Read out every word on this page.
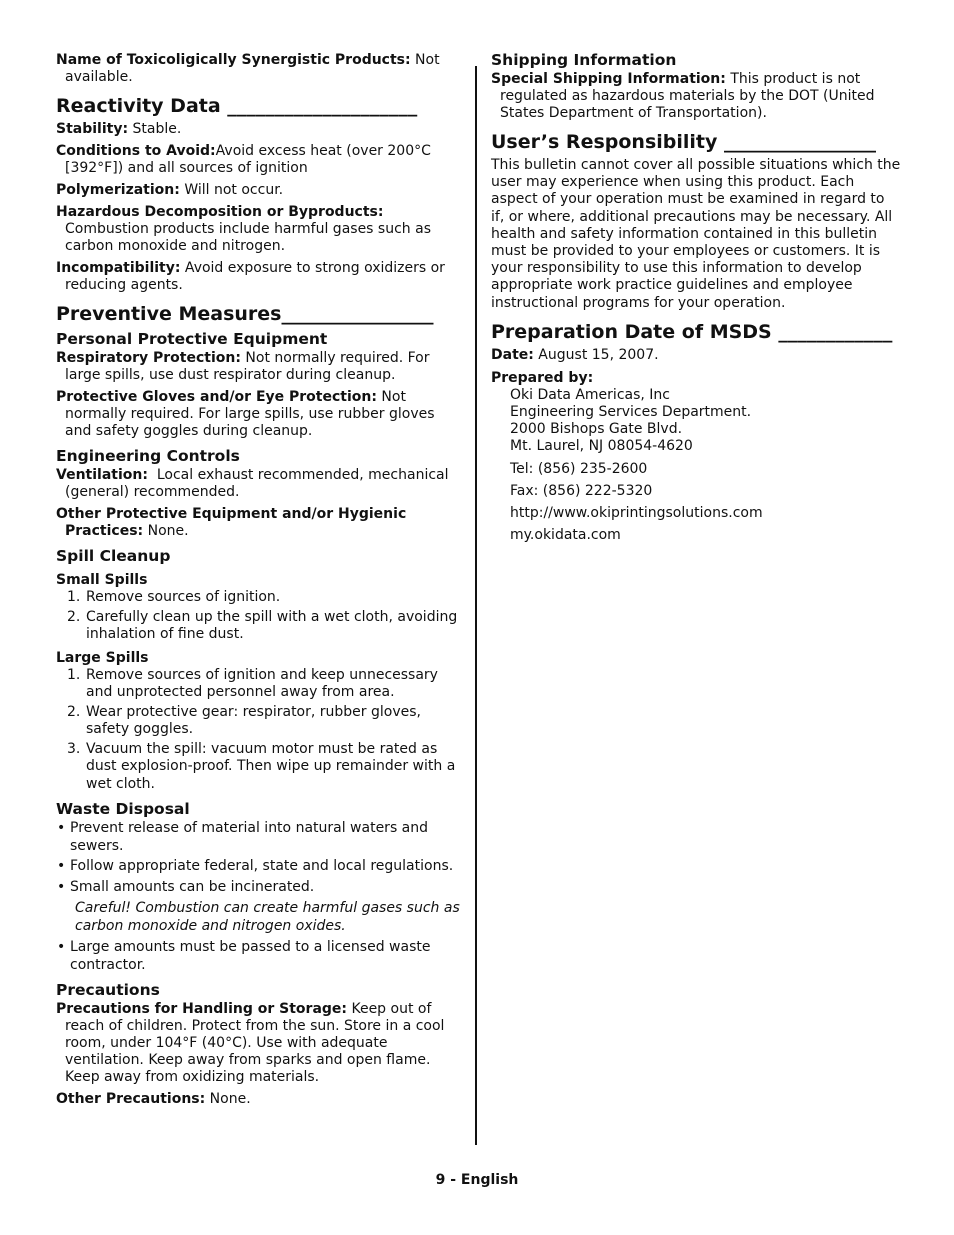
Name of Toxicoligically Synergistic Products: Not available.

Reactivity Data ____________________

Stability: Stable.

Conditions to Avoid:Avoid excess heat (over 200°C [392°F]) and all sources of ignition

Polymerization: Will not occur.

Hazardous Decomposition or Byproducts: Combustion products include harmful gases such as carbon monoxide and nitrogen.

Incompatibility: Avoid exposure to strong oxidizers or reducing agents.

Preventive Measures________________
Personal Protective Equipment

Respiratory Protection: Not normally required. For large spills, use dust respirator during cleanup.

Protective Gloves and/or Eye Protection: Not normally required. For large spills, use rubber gloves and safety goggles during cleanup.

Engineering Controls

Ventilation:  Local exhaust recommended, mechanical (general) recommended.

Other Protective Equipment and/or Hygienic Practices: None.

Spill Cleanup
Small Spills
1. Remove sources of ignition.
2. Carefully clean up the spill with a wet cloth, avoiding inhalation of fine dust.
Large Spills
1. Remove sources of ignition and keep unnecessary and unprotected personnel away from area.
2. Wear protective gear: respirator, rubber gloves, safety goggles.
3. Vacuum the spill: vacuum motor must be rated as dust explosion-proof. Then wipe up remainder with a wet cloth.
Waste Disposal
• Prevent release of material into natural waters and sewers.
• Follow appropriate federal, state and local regulations.
• Small amounts can be incinerated.
Careful! Combustion can create harmful gases such as carbon monoxide and nitrogen oxides.
• Large amounts must be passed to a licensed waste contractor.
Precautions

Precautions for Handling or Storage: Keep out of reach of children. Protect from the sun. Store in a cool room, under 104°F (40°C). Use with adequate ventilation. Keep away from sparks and open flame. Keep away from oxidizing materials.

Other Precautions: None.

Shipping Information

Special Shipping Information: This product is not regulated as hazardous materials by the DOT (United States Department of Transportation).

User’s Responsibility ________________

This bulletin cannot cover all possible situations which the user may experience when using this product. Each aspect of your operation must be examined in regard to if, or where, additional precautions may be necessary. All health and safety information contained in this bulletin must be provided to your employees or customers. It is your responsibility to use this information to develop appropriate work practice guidelines and employee instructional programs for your operation.

Preparation Date of MSDS ____________

Date: August 15, 2007.

Prepared by:
Oki Data Americas, Inc
Engineering Services Department.
2000 Bishops Gate Blvd.
Mt. Laurel, NJ 08054-4620
Tel: (856) 235-2600
Fax: (856) 222-5320
http://www.okiprintingsolutions.com
my.okidata.com
9 - English
